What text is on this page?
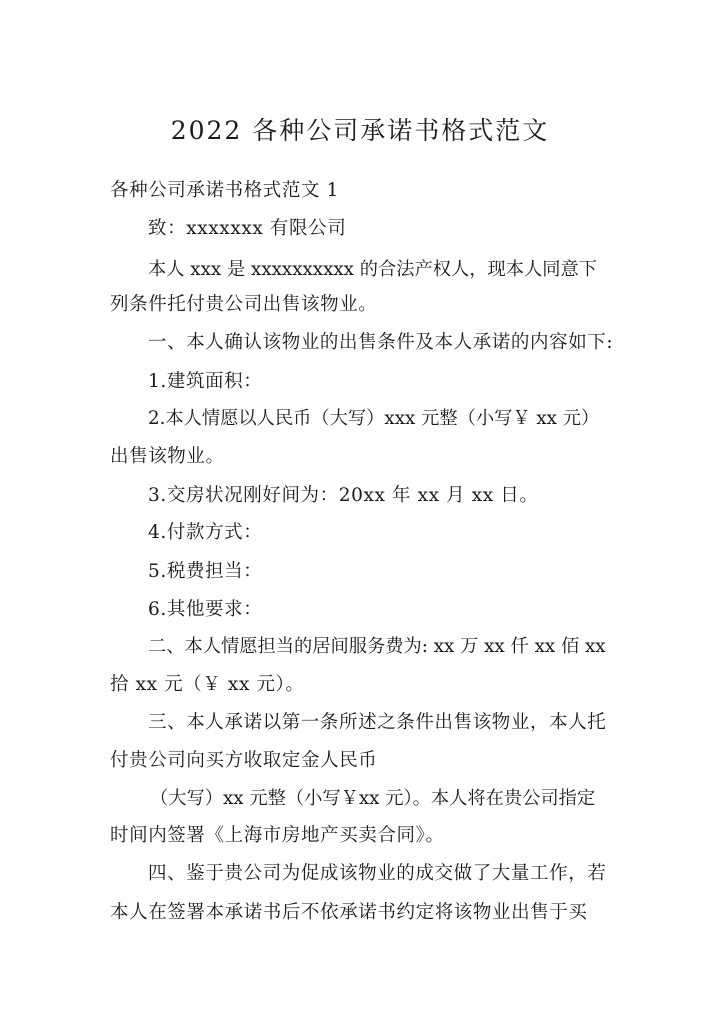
2022 各种公司承诺书格式范文
各种公司承诺书格式范文 1
致：xxxxxxx 有限公司
本人 xxx 是 xxxxxxxxxx 的合法产权人，现本人同意下
列条件托付贵公司出售该物业。
一、本人确认该物业的出售条件及本人承诺的内容如下:
1.建筑面积：
2.本人情愿以人民币（大写）xxx 元整（小写￥ xx 元）
出售该物业。
3.交房状况刚好间为：20xx 年 xx 月 xx 日。
4.付款方式：
5.税费担当：
6.其他要求：
二、本人情愿担当的居间服务费为: xx 万 xx 仟 xx 佰 xx
拾 xx 元（￥ xx 元）。
三、本人承诺以第一条所述之条件出售该物业，本人托
付贵公司向买方收取定金人民币
（大写）xx 元整（小写￥xx 元）。本人将在贵公司指定
时间内签署《上海市房地产买卖合同》。
四、鉴于贵公司为促成该物业的成交做了大量工作，若
本人在签署本承诺书后不依承诺书约定将该物业出售于买
